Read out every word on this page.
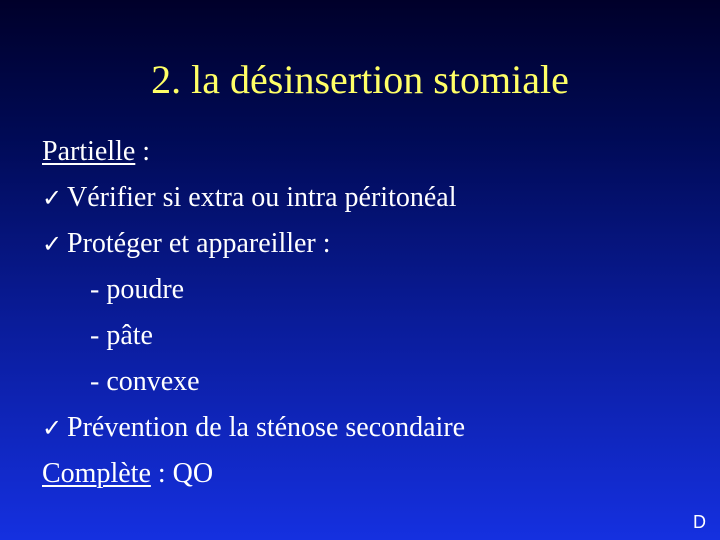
2. la désinsertion stomiale
Partielle :
✓ Vérifier si extra ou intra péritonéal
✓ Protéger et appareiller :
- poudre
- pâte
- convexe
✓ Prévention de la sténose secondaire
Complète : QO
D
